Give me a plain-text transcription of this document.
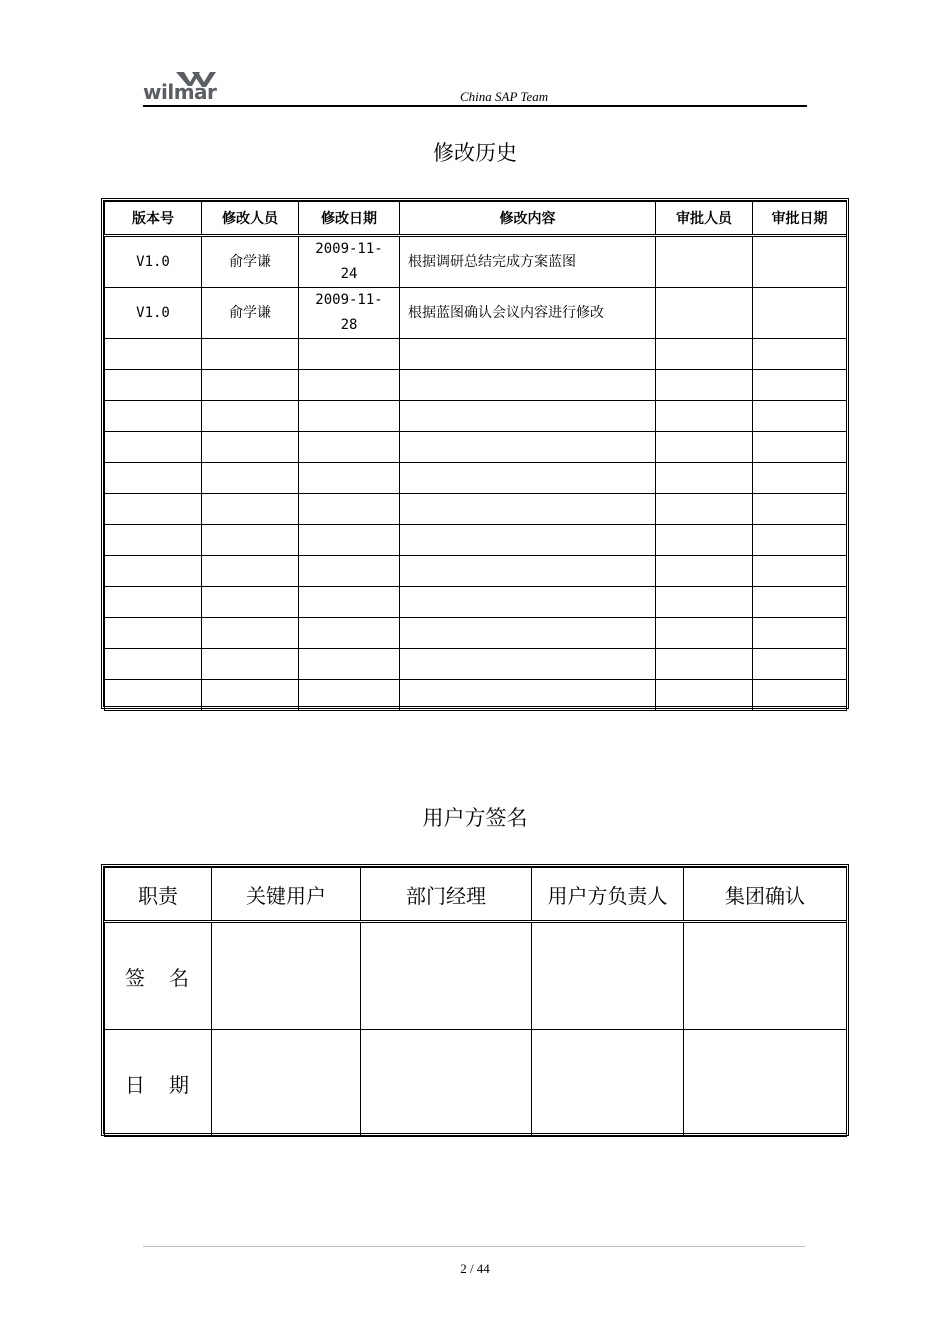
wilmar	China SAP Team
修改历史
版本号	修改人员	修改日期	修改内容	审批人员	审批日期
V1.0	俞学谦	2009-11-24	根据调研总结完成方案蓝图		
V1.0	俞学谦	2009-11-28	根据蓝图确认会议内容进行修改		

用户方签名
职责	关键用户	部门经理	用户方负责人	集团确认
签　名				
日　期				
2 / 44
